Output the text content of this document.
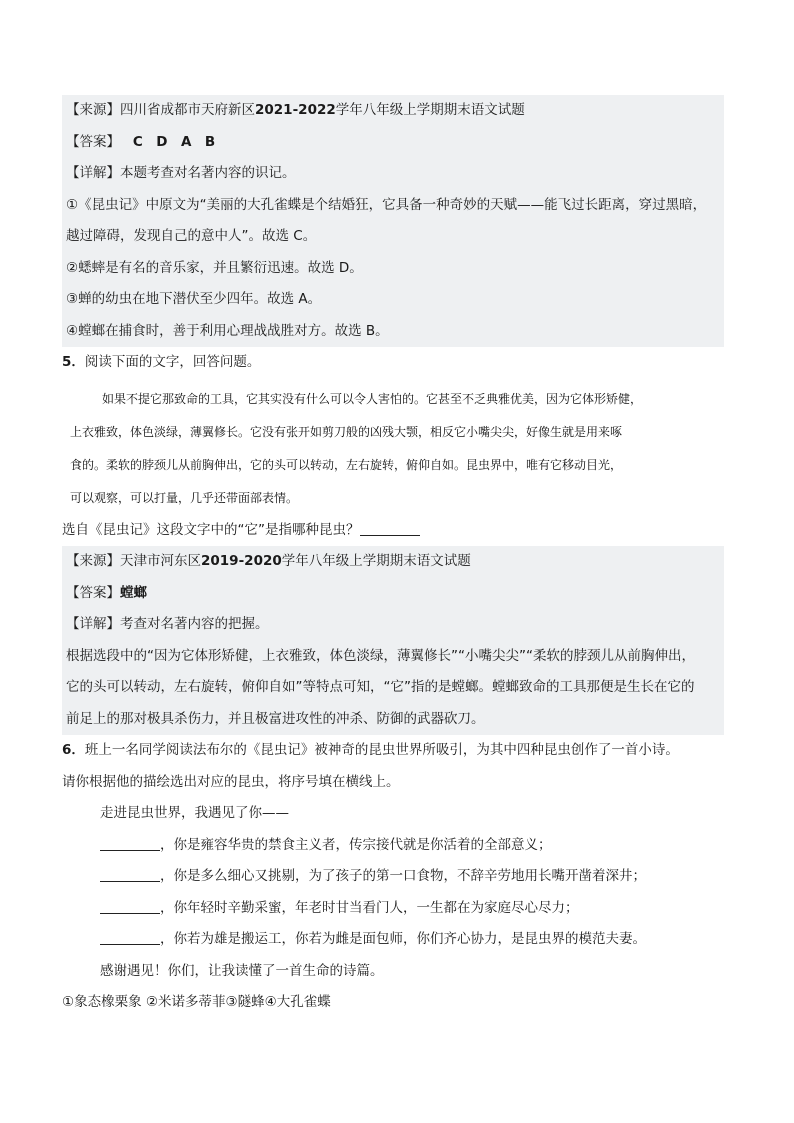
【来源】四川省成都市天府新区2021-2022学年八年级上学期期末语文试题
【答案】 C　D　A　B
【详解】本题考查对名著内容的识记。
①《昆虫记》中原文为“美丽的大孔雀蝶是个结婚狂，它具备一种奇妙的天赋——能飞过长距离，穿过黑暗，
越过障碍，发现自己的意中人”。故选 C。
②蟋蟀是有名的音乐家，并且繁衍迅速。故选 D。
③蝉的幼虫在地下潜伏至少四年。故选 A。
④螳螂在捕食时，善于利用心理战战胜对方。故选 B。
5．阅读下面的文字，回答问题。
如果不提它那致命的工具，它其实没有什么可以令人害怕的。它甚至不乏典雅优美，因为它体形矫健，
上衣雅致，体色淡绿，薄翼修长。它没有张开如剪刀般的凶残大颚，相反它小嘴尖尖，好像生就是用来啄
食的。柔软的脖颈儿从前胸伸出，它的头可以转动，左右旋转，俯仰自如。昆虫界中，唯有它移动目光，
可以观察，可以打量，几乎还带面部表情。
选自《昆虫记》这段文字中的“它”是指哪种昆虫？
【来源】天津市河东区2019-2020学年八年级上学期期末语文试题
【答案】螳螂
【详解】考查对名著内容的把握。
根据选段中的“因为它体形矫健，上衣雅致，体色淡绿，薄翼修长”“小嘴尖尖”“柔软的脖颈儿从前胸伸出，
它的头可以转动，左右旋转，俯仰自如”等特点可知，“它”指的是螳螂。螳螂致命的工具那便是生长在它的
前足上的那对极具杀伤力，并且极富进攻性的冲杀、防御的武器砍刀。
6．班上一名同学阅读法布尔的《昆虫记》被神奇的昆虫世界所吸引，为其中四种昆虫创作了一首小诗。
请你根据他的描绘选出对应的昆虫，将序号填在横线上。
走进昆虫世界，我遇见了你——
，你是雍容华贵的禁食主义者，传宗接代就是你活着的全部意义；
，你是多么细心又挑剔，为了孩子的第一口食物，不辞辛劳地用长嘴开凿着深井；
，你年轻时辛勤采蜜，年老时甘当看门人，一生都在为家庭尽心尽力；
，你若为雄是搬运工，你若为雌是面包师，你们齐心协力，是昆虫界的模范夫妻。
感谢遇见！你们，让我读懂了一首生命的诗篇。
①象态橡栗象 ②米诺多蒂菲③隧蜂④大孔雀蝶
